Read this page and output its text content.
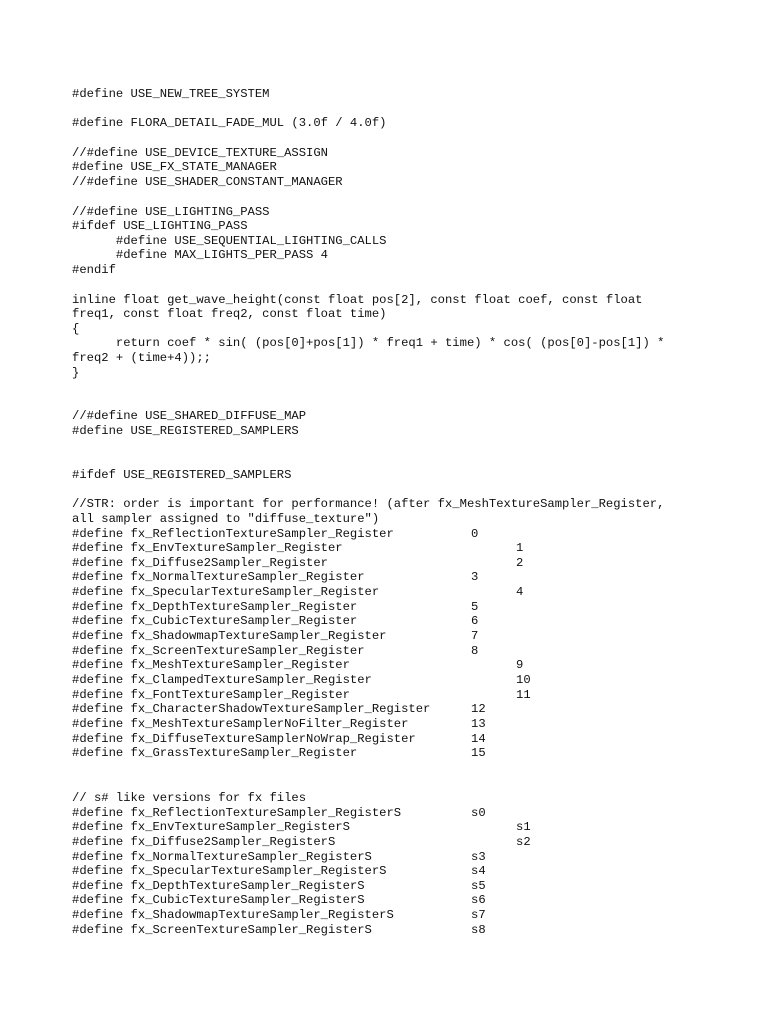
#define USE_NEW_TREE_SYSTEM
#define FLORA_DETAIL_FADE_MUL (3.0f / 4.0f)
//#define USE_DEVICE_TEXTURE_ASSIGN
#define USE_FX_STATE_MANAGER
//#define USE_SHADER_CONSTANT_MANAGER
//#define USE_LIGHTING_PASS
#ifdef USE_LIGHTING_PASS
#define USE_SEQUENTIAL_LIGHTING_CALLS
#define MAX_LIGHTS_PER_PASS 4
#endif
inline float get_wave_height(const float pos[2], const float coef, const float
freq1, const float freq2, const float time)
{
return coef * sin( (pos[0]+pos[1]) * freq1 + time) * cos( (pos[0]-pos[1]) *
freq2 + (time+4));;
}
//#define USE_SHARED_DIFFUSE_MAP
#define USE_REGISTERED_SAMPLERS
#ifdef USE_REGISTERED_SAMPLERS
//STR: order is important for performance! (after fx_MeshTextureSampler_Register,
all sampler assigned to "diffuse_texture")
#define fx_ReflectionTextureSampler_Register	0
#define fx_EnvTextureSampler_Register	1
#define fx_Diffuse2Sampler_Register	2
#define fx_NormalTextureSampler_Register	3
#define fx_SpecularTextureSampler_Register	4
#define fx_DepthTextureSampler_Register	5
#define fx_CubicTextureSampler_Register	6
#define fx_ShadowmapTextureSampler_Register	7
#define fx_ScreenTextureSampler_Register	8
#define fx_MeshTextureSampler_Register	9
#define fx_ClampedTextureSampler_Register	10
#define fx_FontTextureSampler_Register	11
#define fx_CharacterShadowTextureSampler_Register	12
#define fx_MeshTextureSamplerNoFilter_Register	13
#define fx_DiffuseTextureSamplerNoWrap_Register	14
#define fx_GrassTextureSampler_Register	15
// s# like versions for fx files
#define fx_ReflectionTextureSampler_RegisterS	s0
#define fx_EnvTextureSampler_RegisterS	s1
#define fx_Diffuse2Sampler_RegisterS	s2
#define fx_NormalTextureSampler_RegisterS	s3
#define fx_SpecularTextureSampler_RegisterS	s4
#define fx_DepthTextureSampler_RegisterS	s5
#define fx_CubicTextureSampler_RegisterS	s6
#define fx_ShadowmapTextureSampler_RegisterS	s7
#define fx_ScreenTextureSampler_RegisterS	s8
